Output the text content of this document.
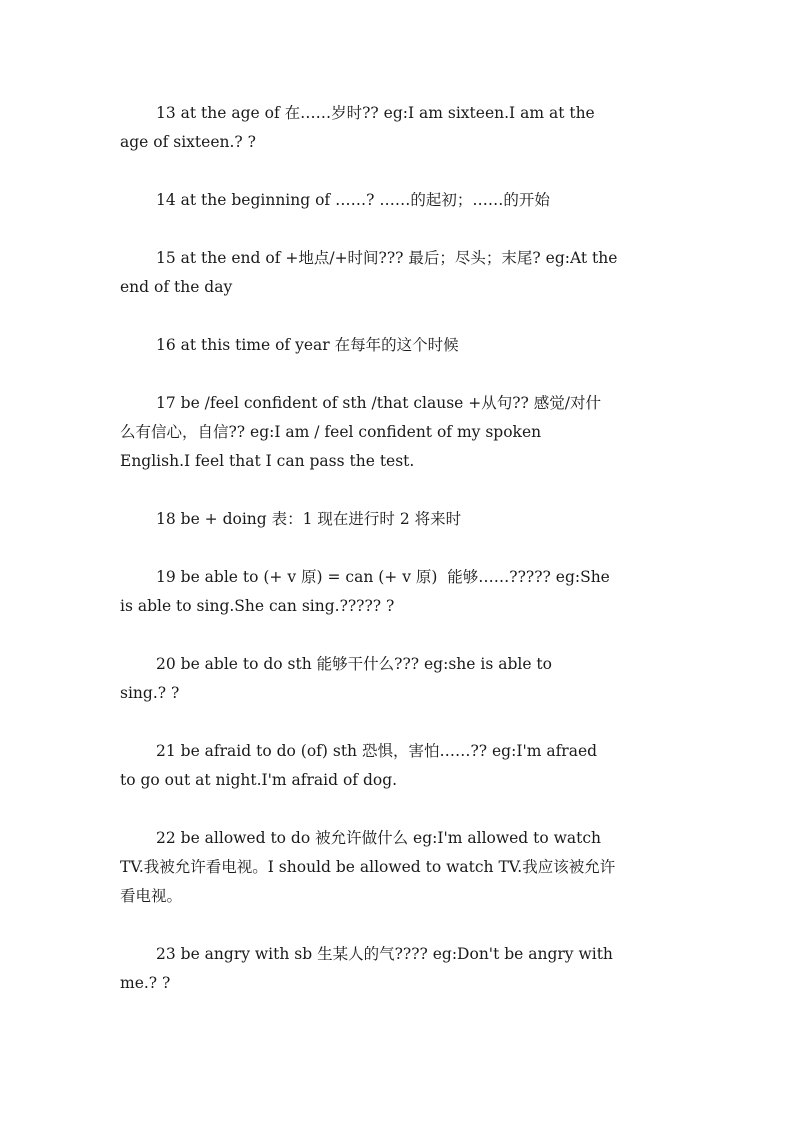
13 at the age of 在……岁时?? eg:I am sixteen.I am at the
age of sixteen.? ?
14 at the beginning of ……? ……的起初；……的开始
15 at the end of +地点/+时间??? 最后；尽头；末尾? eg:At the
end of the day
16 at this time of year 在每年的这个时候
17 be /feel confident of sth /that clause +从句?? 感觉/对什
么有信心，自信?? eg:I am / feel confident of my spoken
English.I feel that I can pass the test.
18 be + doing 表：1 现在进行时 2 将来时
19 be able to (+ v 原) = can (+ v 原)  能够……????? eg:She
is able to sing.She can sing.????? ?
20 be able to do sth 能够干什么??? eg:she is able to
sing.? ?
21 be afraid to do (of) sth 恐惧，害怕……?? eg:I'm afraed
to go out at night.I'm afraid of dog.
22 be allowed to do 被允许做什么 eg:I'm allowed to watch
TV.我被允许看电视。I should be allowed to watch TV.我应该被允许
看电视。
23 be angry with sb 生某人的气???? eg:Don't be angry with
me.? ?
